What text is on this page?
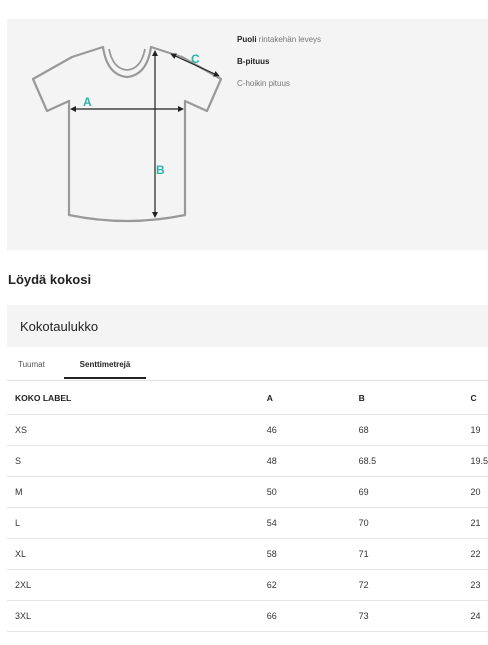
A
B
C
Puoli rintakehän leveys
B-pituus
C-hoikin pituus
Löydä kokosi
Kokotaulukko
Tuumat	Senttimetrejä
KOKO LABEL	A	B	C
XS	46	68	19
S	48	68.5	19.5
M	50	69	20
L	54	70	21
XL	58	71	22
2XL	62	72	23
3XL	66	73	24
